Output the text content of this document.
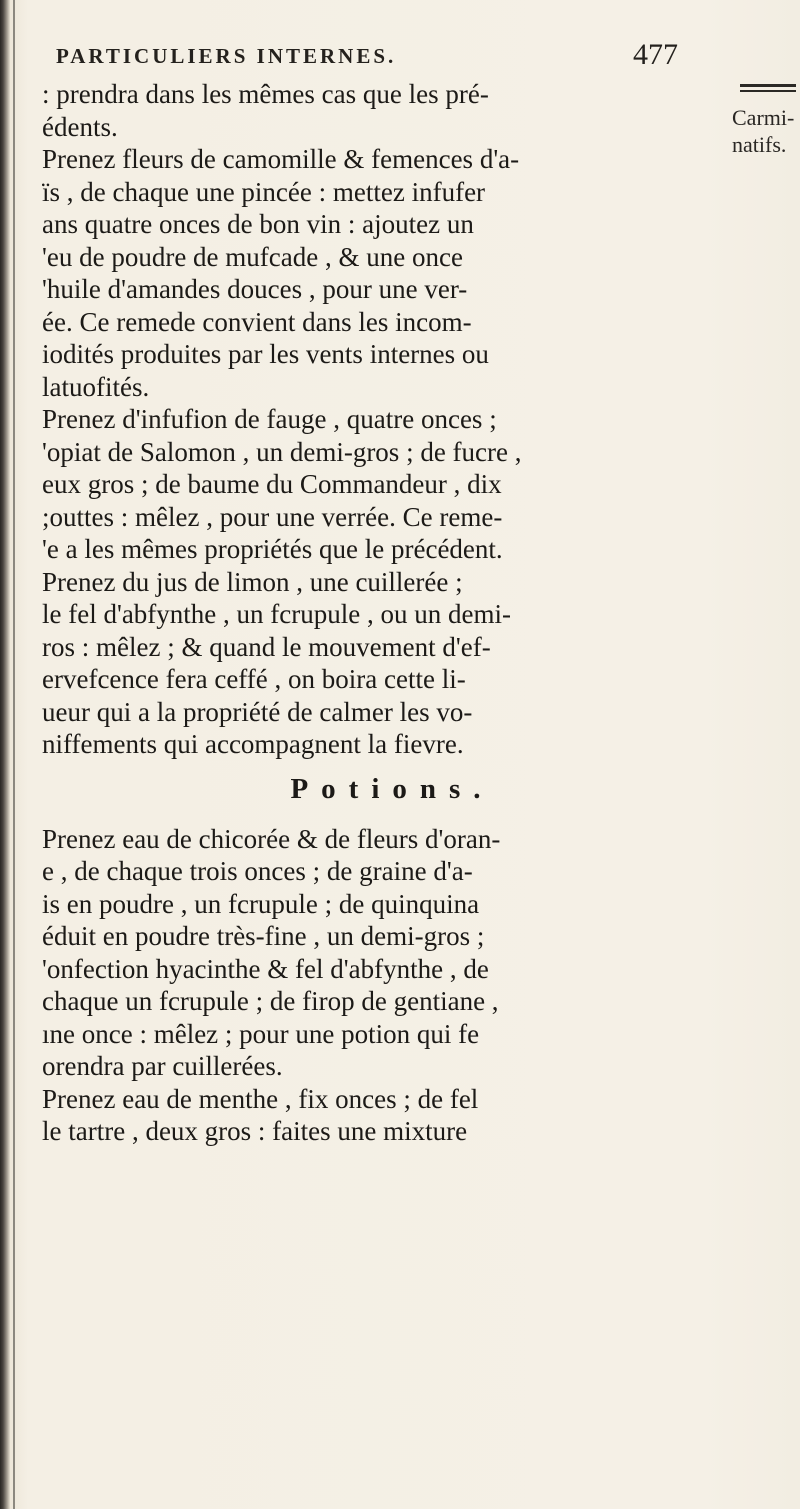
PARTICULIERS INTERNES.	477
Carmi-
natifs.
: prendra dans les mêmes cas que les pré-
édents.
Prenez fleurs de camomille & femences d'a-
ïs , de chaque une pincée : mettez infufer
ans quatre onces de bon vin : ajoutez un
'eu de poudre de mufcade , & une once
'huile d'amandes douces , pour une ver-
ée. Ce remede convient dans les incom-
iodités produites par les vents internes ou
latuofités.
Prenez d'infufion de fauge , quatre onces ;
'opiat de Salomon , un demi-gros ; de fucre ,
eux gros ; de baume du Commandeur , dix
;outtes : mêlez , pour une verrée. Ce reme-
'e a les mêmes propriétés que le précédent.
Prenez du jus de limon , une cuillerée ;
le fel d'abfynthe , un fcrupule , ou un demi-
ros : mêlez ; & quand le mouvement d'ef-
ervefcence fera ceffé , on boira cette li-
ueur qui a la propriété de calmer les vo-
niffements qui accompagnent la fievre.
Potions.
Prenez eau de chicorée & de fleurs d'oran-
e , de chaque trois onces ; de graine d'a-
is en poudre , un fcrupule ; de quinquina
éduit en poudre très-fine , un demi-gros ;
'onfection hyacinthe & fel d'abfynthe , de
chaque un fcrupule ; de firop de gentiane ,
ıne once : mêlez ; pour une potion qui fe
orendra par cuillerées.
Prenez eau de menthe , fix onces ; de fel
le tartre , deux gros : faites une mixture
